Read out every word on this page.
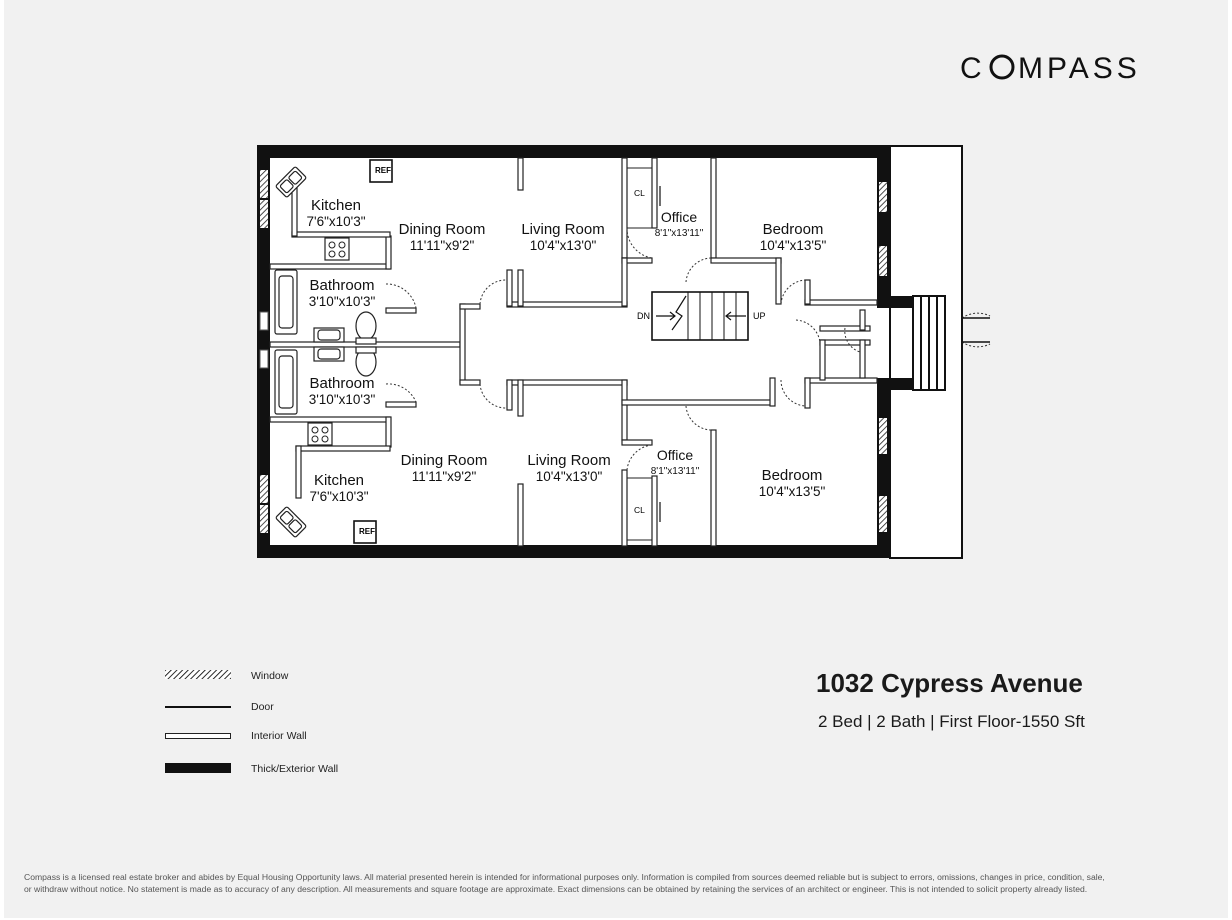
C MPASS
Kitchen
7'6"x10'3"	Dining Room
11'11"x9'2"
Living Room
10'4"x13'0"
Office
8'1"x13'11"	Bedroom
10'4"x13'5"
Bathroom
3'10"x10'3"
Bathroom
3'10"x10'3"
Kitchen
7'6"x10'3"
Dining Room
11'11"x9'2"
Living Room
10'4"x13'0"
Office
8'1"x13'11"	Bedroom
10'4"x13'5"
REF
REF
CL
CL
DN	UP
Window
Door
Interior Wall
Thick/Exterior Wall
1032 Cypress Avenue
2 Bed | 2 Bath | First Floor-1550 Sft
Compass is a licensed real estate broker and abides by Equal Housing Opportunity laws. All material presented herein is intended for informational purposes only. Information is compiled from sources deemed reliable but is subject to errors, omissions, changes in price, condition, sale,
or withdraw without notice. No statement is made as to accuracy of any description. All measurements and square footage are approximate. Exact dimensions can be obtained by retaining the services of an architect or engineer. This is not intended to solicit property already listed.
